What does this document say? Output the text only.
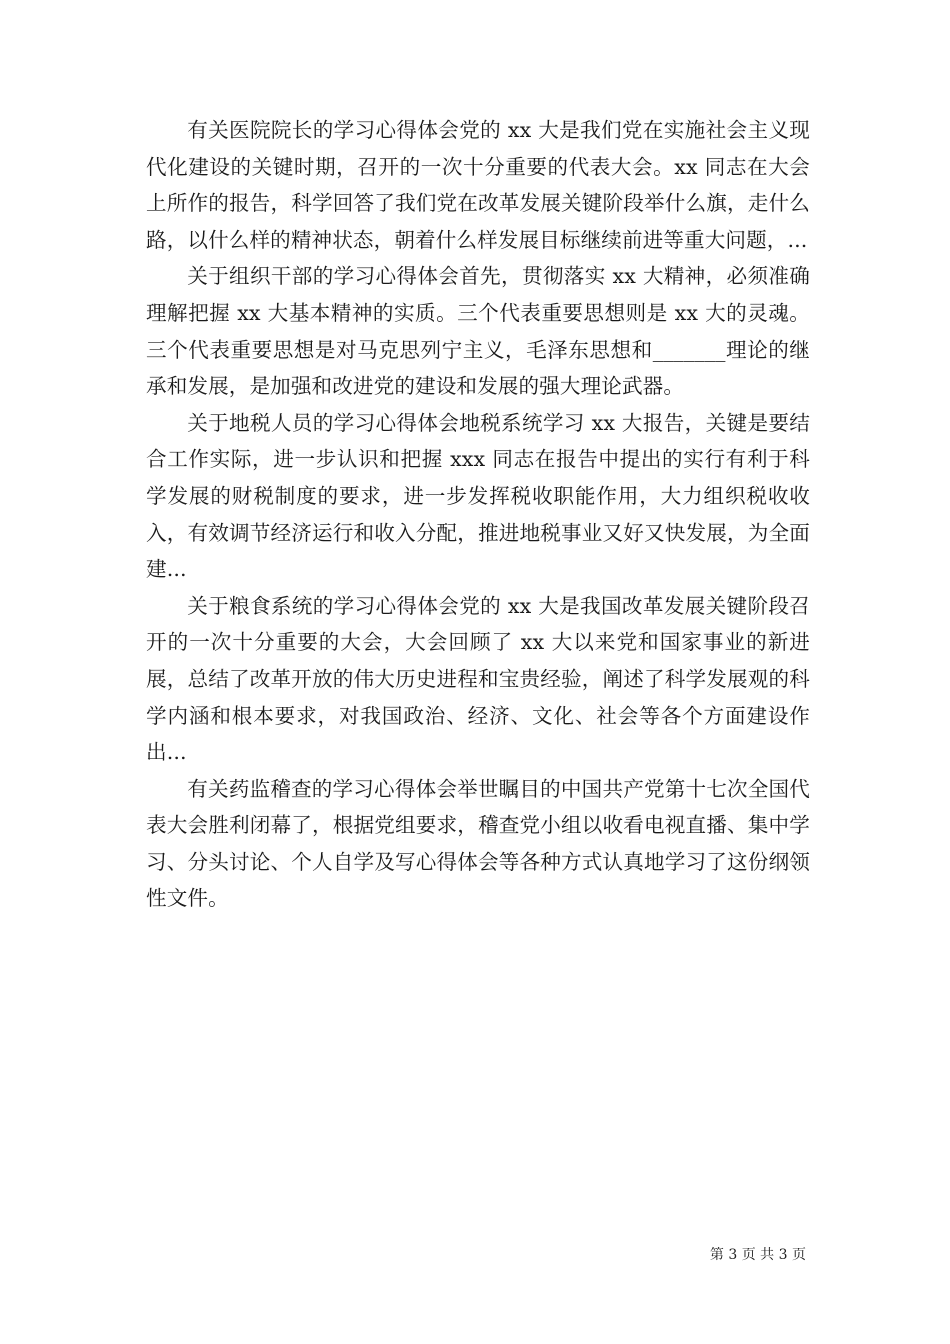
有关医院院长的学习心得体会党的 xx 大是我们党在实施社会主义现代化建设的关键时期，召开的一次十分重要的代表大会。xx 同志在大会上所作的报告，科学回答了我们党在改革发展关键阶段举什么旗，走什么路，以什么样的精神状态，朝着什么样发展目标继续前进等重大问题，...

关于组织干部的学习心得体会首先，贯彻落实 xx 大精神，必须准确理解把握 xx 大基本精神的实质。三个代表重要思想则是 xx 大的灵魂。三个代表重要思想是对马克思列宁主义，毛泽东思想和_______理论的继承和发展，是加强和改进党的建设和发展的强大理论武器。

关于地税人员的学习心得体会地税系统学习 xx 大报告，关键是要结合工作实际，进一步认识和把握 xxx 同志在报告中提出的实行有利于科学发展的财税制度的要求，进一步发挥税收职能作用，大力组织税收收入，有效调节经济运行和收入分配，推进地税事业又好又快发展，为全面建...

关于粮食系统的学习心得体会党的 xx 大是我国改革发展关键阶段召开的一次十分重要的大会，大会回顾了 xx 大以来党和国家事业的新进展，总结了改革开放的伟大历史进程和宝贵经验，阐述了科学发展观的科学内涵和根本要求，对我国政治、经济、文化、社会等各个方面建设作出...

有关药监稽查的学习心得体会举世瞩目的中国共产党第十七次全国代表大会胜利闭幕了，根据党组要求，稽查党小组以收看电视直播、集中学习、分头讨论、个人自学及写心得体会等各种方式认真地学习了这份纲领性文件。

第 3 页 共 3 页
